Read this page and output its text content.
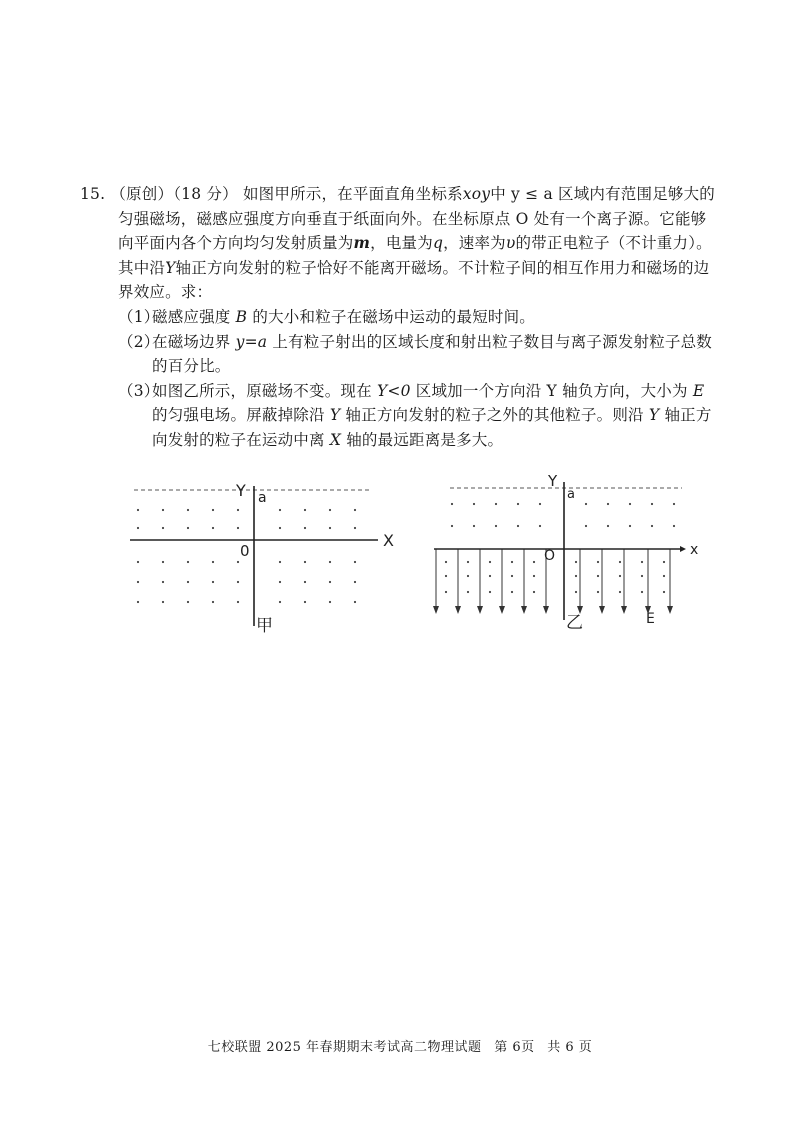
15. （原创）（18 分） 如图甲所示，在平面直角坐标系xoy中 y ≤ a 区域内有范围足够大的匀强磁场，磁感应强度方向垂直于纸面向外。在坐标原点 O 处有一个离子源。它能够向平面内各个方向均匀发射质量为m，电量为q，速率为υ的带正电粒子（不计重力）。其中沿Y轴正方向发射的粒子恰好不能离开磁场。不计粒子间的相互作用力和磁场的边界效应。求：

（1）磁感应强度 B 的大小和粒子在磁场中运动的最短时间。

（2）在磁场边界 y=a 上有粒子射出的区域长度和射出粒子数目与离子源发射粒子总数的百分比。

（3）如图乙所示，原磁场不变。现在 Y<0 区域加一个方向沿 Y 轴负方向，大小为 E 的匀强电场。屏蔽掉除沿 Y 轴正方向发射的粒子之外的其他粒子。则沿 Y 轴正方向发射的粒子在运动中离 X 轴的最远距离是多大。

Y a
X
0
甲
Y
a
x
O
乙	E
七校联盟 2025 年春期期末考试高二物理试题 第 6页 共 6 页
